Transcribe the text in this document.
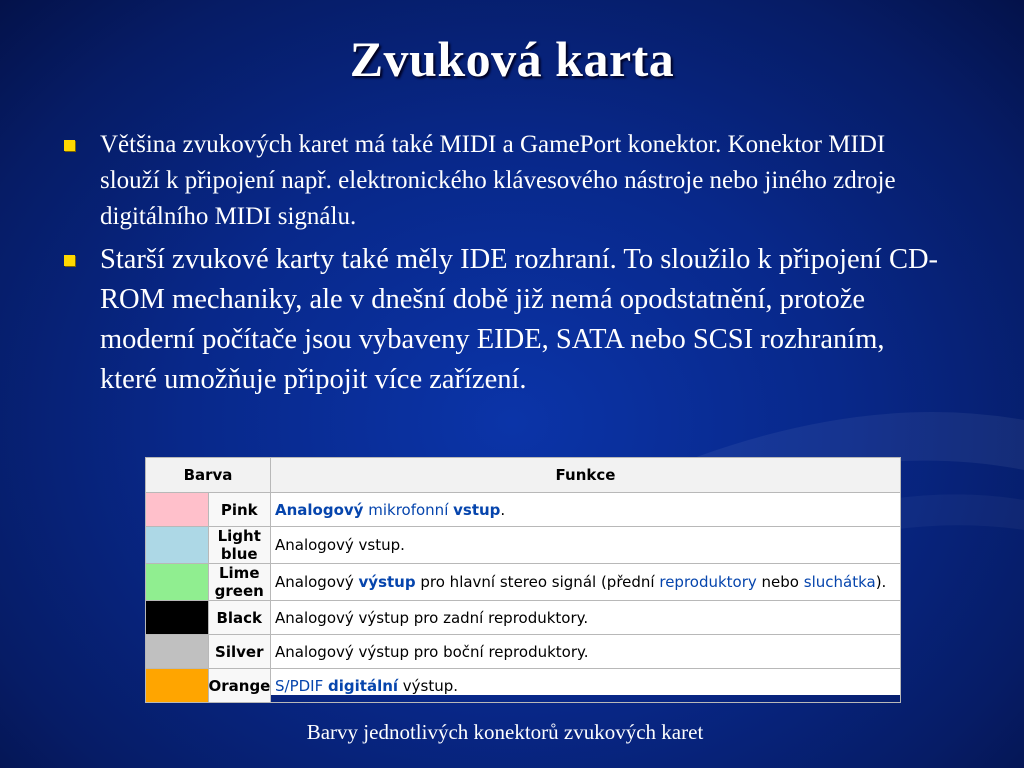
Zvuková karta
Většina zvukových karet má také MIDI a GamePort konektor. Konektor MIDI slouží k připojení např. elektronického klávesového nástroje nebo jiného zdroje digitálního MIDI signálu.
Starší zvukové karty také měly IDE rozhraní. To sloužilo k připojení CD-ROM mechaniky, ale v dnešní době již nemá opodstatnění, protože moderní počítače jsou vybaveny EIDE, SATA nebo SCSI rozhraním, které umožňuje připojit více zařízení.
Barva		Funkce
	Pink	Analogový mikrofonní vstup.
	Light blue	Analogový vstup.
	Lime green	Analogový výstup pro hlavní stereo signál (přední reproduktory nebo sluchátka).
	Black	Analogový výstup pro zadní reproduktory.
	Silver	Analogový výstup pro boční reproduktory.
	Orange	S/PDIF digitální výstup.
Barvy jednotlivých konektorů zvukových karet
